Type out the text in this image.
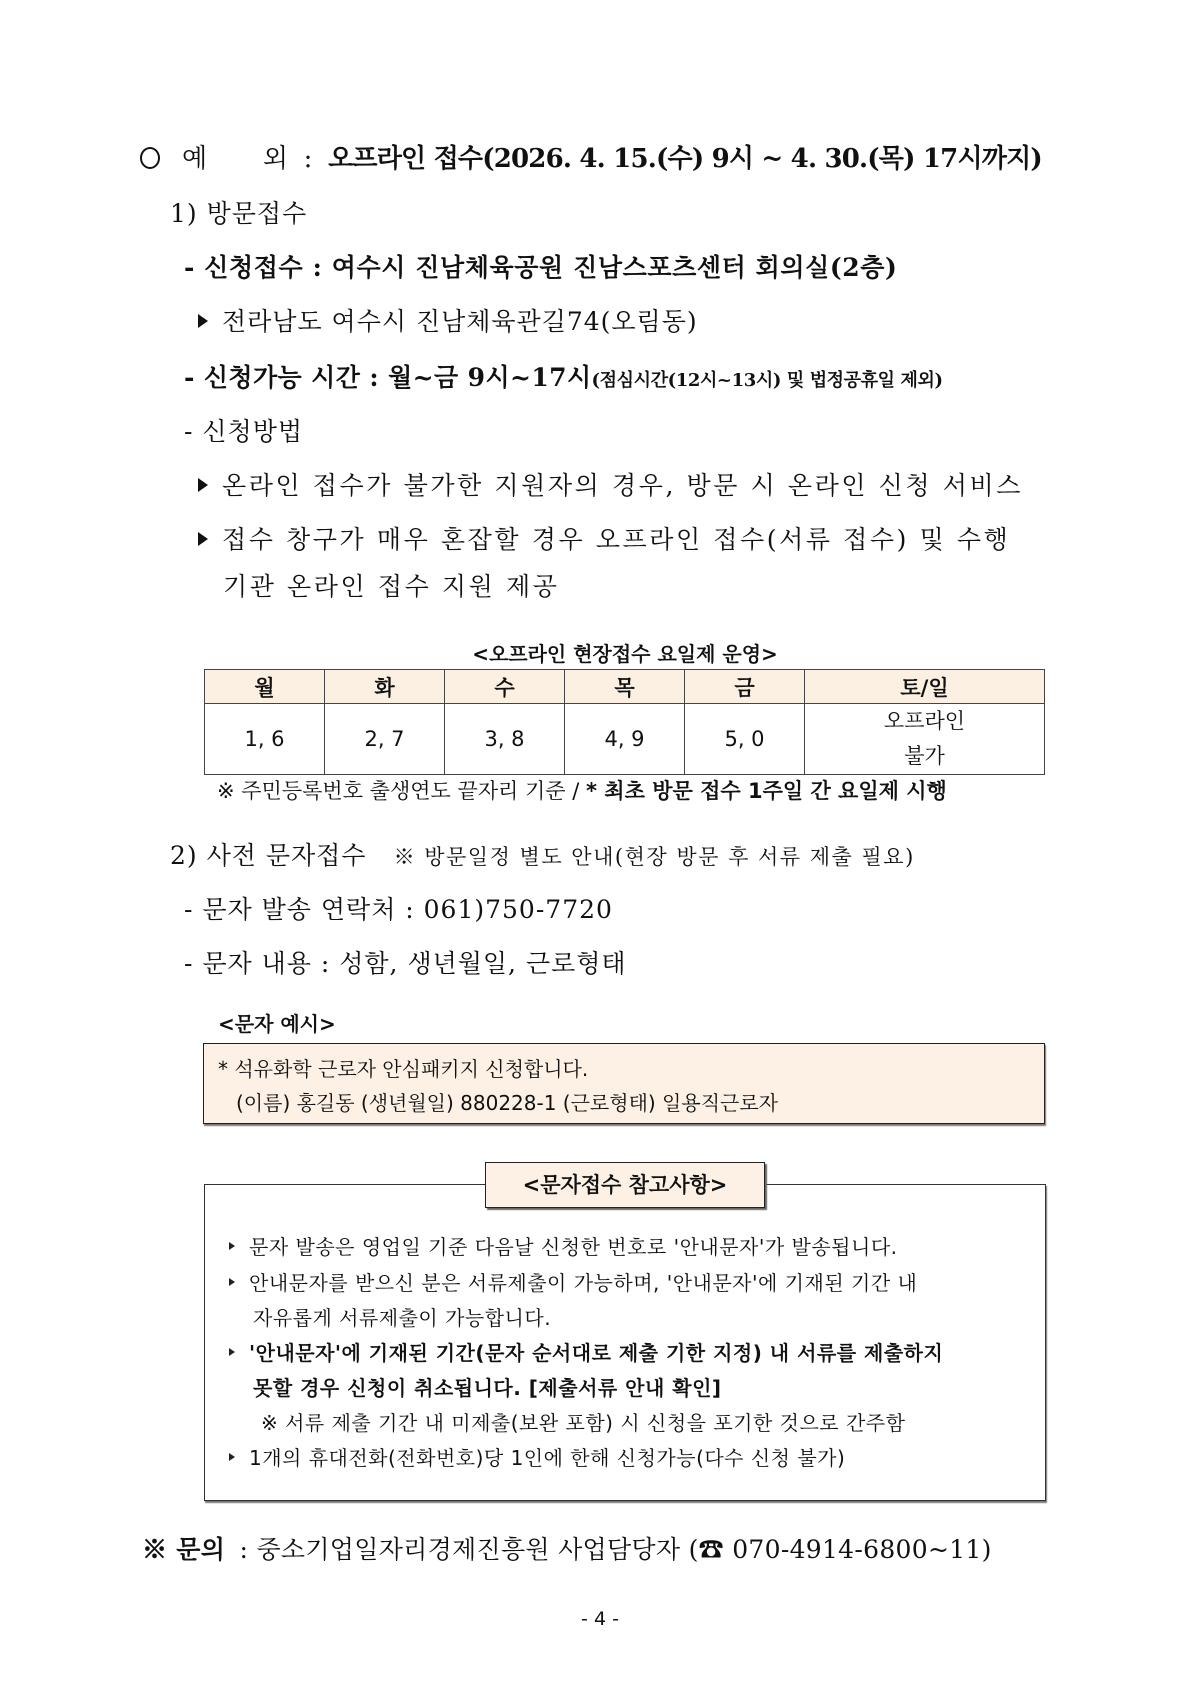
예 외 : 오프라인 접수(2026. 4. 15.(수) 9시 ~ 4. 30.(목) 17시까지)
1) 방문접수
- 신청접수 : 여수시 진남체육공원 진남스포츠센터 회의실(2층)
전라남도 여수시 진남체육관길74(오림동)
- 신청가능 시간 : 월~금 9시~17시(점심시간(12시~13시) 및 법정공휴일 제외)
- 신청방법
온라인 접수가 불가한 지원자의 경우, 방문 시 온라인 신청 서비스
접수 창구가 매우 혼잡할 경우 오프라인 접수(서류 접수) 및 수행
기관 온라인 접수 지원 제공
<오프라인 현장접수 요일제 운영>
월	화	수	목	금	토/일
1, 6	2, 7	3, 8	4, 9	5, 0	오프라인
불가
※ 주민등록번호 출생연도 끝자리 기준 / * 최초 방문 접수 1주일 간 요일제 시행
2) 사전 문자접수 ※ 방문일정 별도 안내(현장 방문 후 서류 제출 필요)
- 문자 발송 연락처 : 061)750-7720
- 문자 내용 : 성함, 생년월일, 근로형태
<문자 예시>
* 석유화학 근로자 안심패키지 신청합니다.
(이름) 홍길동 (생년월일) 880228-1 (근로형태) 일용직근로자
<문자접수 참고사항>
문자 발송은 영업일 기준 다음날 신청한 번호로 '안내문자'가 발송됩니다.
안내문자를 받으신 분은 서류제출이 가능하며, '안내문자'에 기재된 기간 내
자유롭게 서류제출이 가능합니다.
'안내문자'에 기재된 기간(문자 순서대로 제출 기한 지정) 내 서류를 제출하지
못할 경우 신청이 취소됩니다. [제출서류 안내 확인]
※ 서류 제출 기간 내 미제출(보완 포함) 시 신청을 포기한 것으로 간주함
1개의 휴대전화(전화번호)당 1인에 한해 신청가능(다수 신청 불가)
※ 문의 : 중소기업일자리경제진흥원 사업담당자 (☎ 070-4914-6800~11)
- 4 -
